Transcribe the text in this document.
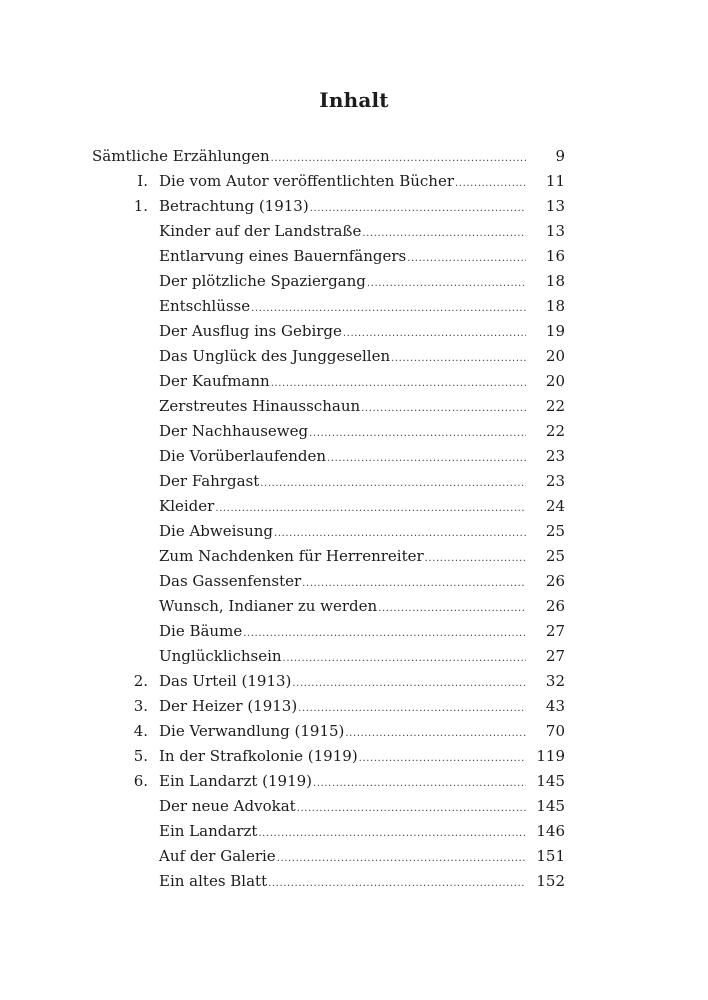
Inhalt
Sämtliche Erzählungen .....	9
I. Die vom Autor veröffentlichten Bücher .....	11
1. Betrachtung (1913) .....	13
Kinder auf der Landstraße .....	13
Entlarvung eines Bauernfängers .....	16
Der plötzliche Spaziergang .....	18
Entschlüsse .....	18
Der Ausflug ins Gebirge .....	19
Das Unglück des Junggesellen .....	20
Der Kaufmann .....	20
Zerstreutes Hinausschaun .....	22
Der Nachhauseweg .....	22
Die Vorüberlaufenden .....	23
Der Fahrgast .....	23
Kleider .....	24
Die Abweisung .....	25
Zum Nachdenken für Herrenreiter .....	25
Das Gassenfenster .....	26
Wunsch, Indianer zu werden .....	26
Die Bäume .....	27
Unglücklichsein .....	27
2. Das Urteil (1913) .....	32
3. Der Heizer (1913) .....	43
4. Die Verwandlung (1915) .....	70
5. In der Strafkolonie (1919) .....	119
6. Ein Landarzt (1919) .....	145
Der neue Advokat .....	145
Ein Landarzt .....	146
Auf der Galerie .....	151
Ein altes Blatt .....	152
